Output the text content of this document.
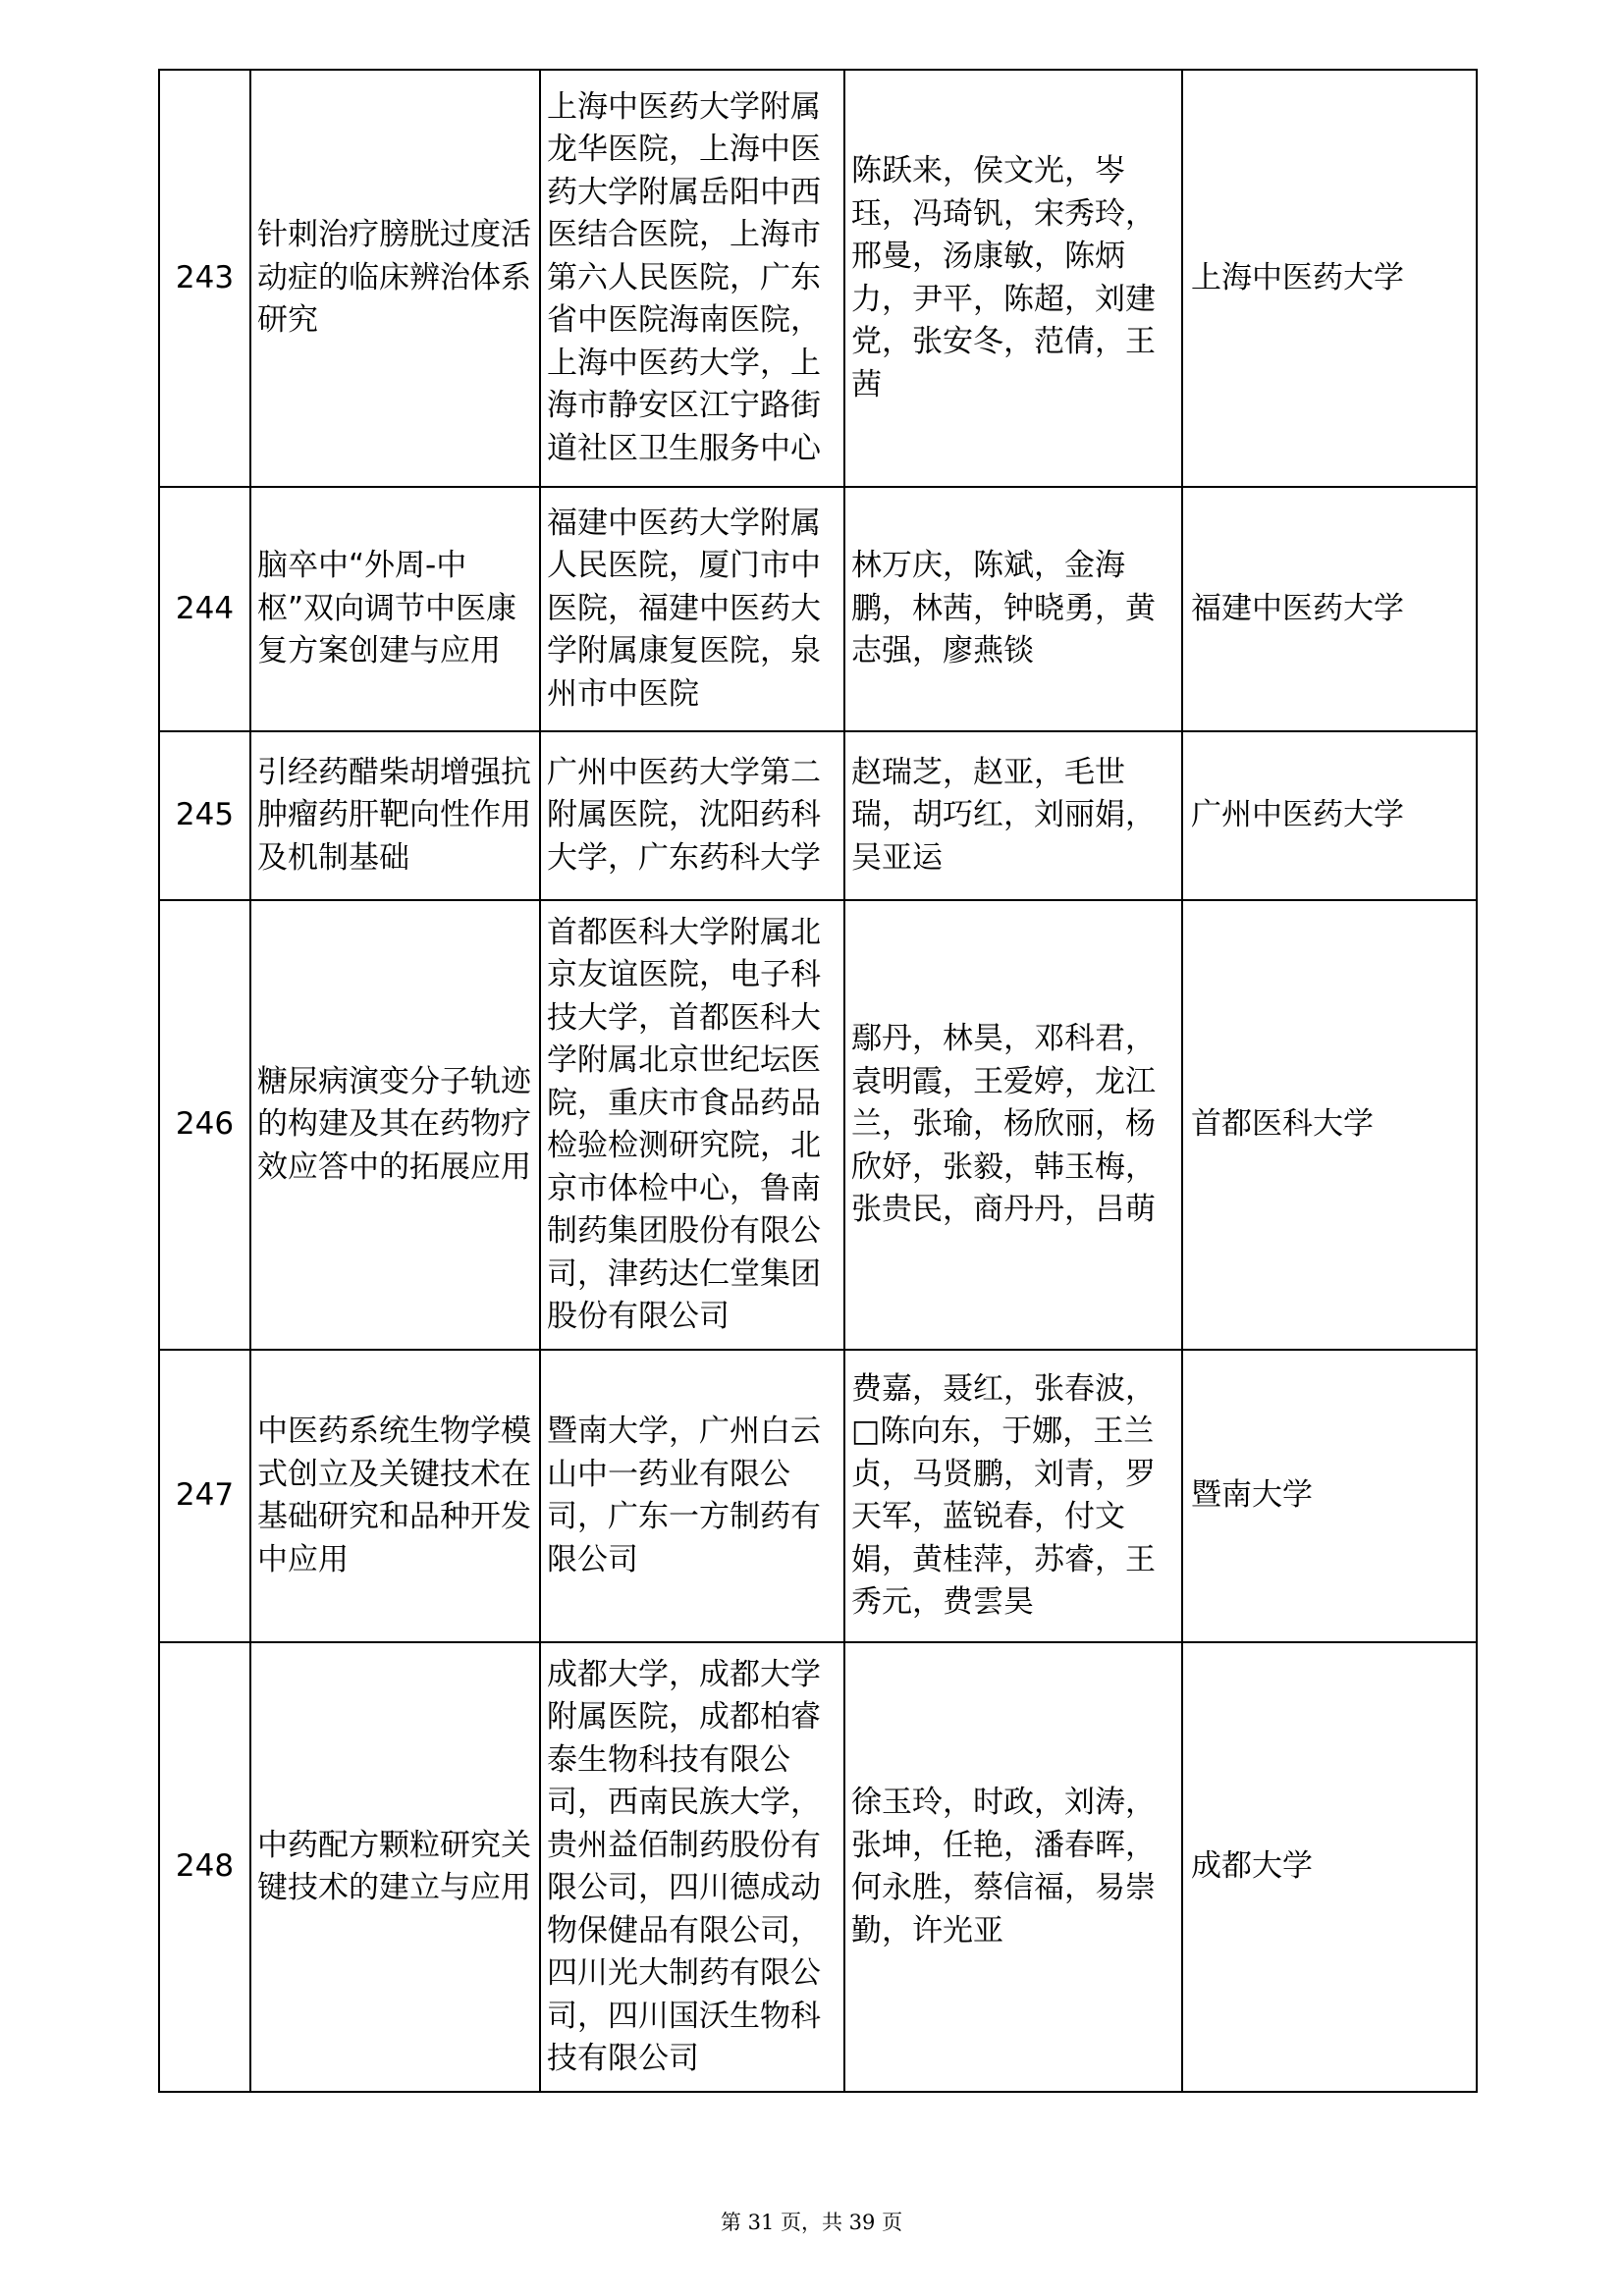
243	针刺治疗膀胱过度活动症的临床辨治体系研究	上海中医药大学附属龙华医院，上海中医药大学附属岳阳中西医结合医院，上海市第六人民医院，广东省中医院海南医院，上海中医药大学，上海市静安区江宁路街道社区卫生服务中心	陈跃来，侯文光，岑珏，冯琦钒，宋秀玲，邢曼，汤康敏，陈炳力，尹平，陈超，刘建党，张安冬，范倩，王茜	上海中医药大学
244	脑卒中“外周-中枢”双向调节中医康复方案创建与应用	福建中医药大学附属人民医院，厦门市中医院，福建中医药大学附属康复医院，泉州市中医院	林万庆，陈斌，金海鹏，林茜，钟晓勇，黄志强，廖燕锬	福建中医药大学
245	引经药醋柴胡增强抗肿瘤药肝靶向性作用及机制基础	广州中医药大学第二附属医院，沈阳药科大学，广东药科大学	赵瑞芝，赵亚，毛世瑞，胡巧红，刘丽娟，吴亚运	广州中医药大学
246	糖尿病演变分子轨迹的构建及其在药物疗效应答中的拓展应用	首都医科大学附属北京友谊医院，电子科技大学，首都医科大学附属北京世纪坛医院，重庆市食品药品检验检测研究院，北京市体检中心，鲁南制药集团股份有限公司，津药达仁堂集团股份有限公司	鄢丹，林昊，邓科君，袁明霞，王爱婷，龙江兰，张瑜，杨欣丽，杨欣妤，张毅，韩玉梅，张贵民，商丹丹，吕萌	首都医科大学
247	中医药系统生物学模式创立及关键技术在基础研究和品种开发中应用	暨南大学，广州白云山中一药业有限公司，广东一方制药有限公司	费嘉，聂红，张春波，□陈向东，于娜，王兰贞，马贤鹏，刘青，罗天军，蓝锐春，付文娟，黄桂萍，苏睿，王秀元，费雲昊	暨南大学
248	中药配方颗粒研究关键技术的建立与应用	成都大学，成都大学附属医院，成都柏睿泰生物科技有限公司，西南民族大学，贵州益佰制药股份有限公司，四川德成动物保健品有限公司，四川光大制药有限公司，四川国沃生物科技有限公司	徐玉玲，时政，刘涛，张坤，任艳，潘春晖，何永胜，蔡信福，易崇勤，许光亚	成都大学
第 31 页，共 39 页
